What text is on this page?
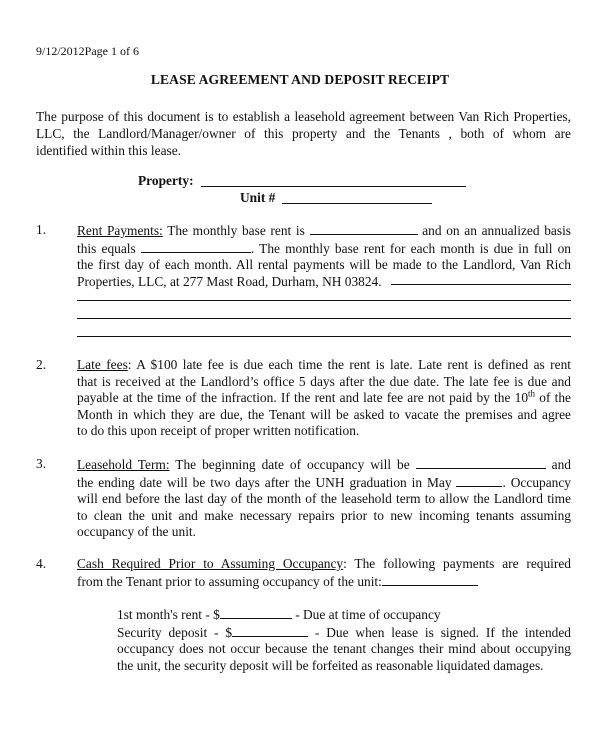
9/12/2012Page 1 of 6
LEASE AGREEMENT AND DEPOSIT RECEIPT
The purpose of this document is to establish a leasehold agreement between Van Rich Properties,
LLC, the Landlord/Manager/owner of this property and the Tenants , both of whom are
identified within this lease.
Property:
Unit #
1. Rent Payments: The monthly base rent is	and on an annualized basis
this equals	. The monthly base rent for each month is due in full on
the first day of each month. All rental payments will be made to the Landlord, Van Rich
Properties, LLC, at 277 Mast Road, Durham, NH 03824.
2. Late fees: A $100 late fee is due each time the rent is late. Late rent is defined as rent
that is received at the Landlord’s office 5 days after the due date. The late fee is due and
payable at the time of the infraction. If the rent and late fee are not paid by the 10th of the
Month in which they are due, the Tenant will be asked to vacate the premises and agree
to do this upon receipt of proper written notification.
3. Leasehold Term: The beginning date of occupancy will be	and
the ending date will be two days after the UNH graduation in May	. Occupancy
will end before the last day of the month of the leasehold term to allow the Landlord time
to clean the unit and make necessary repairs prior to new incoming tenants assuming
occupancy of the unit.
4. Cash Required Prior to Assuming Occupancy: The following payments are required
from the Tenant prior to assuming occupancy of the unit:
1st month's rent - $	- Due at time of occupancy
Security deposit - $	- Due when lease is signed. If the intended
occupancy does not occur because the tenant changes their mind about occupying
the unit, the security deposit will be forfeited as reasonable liquidated damages.
